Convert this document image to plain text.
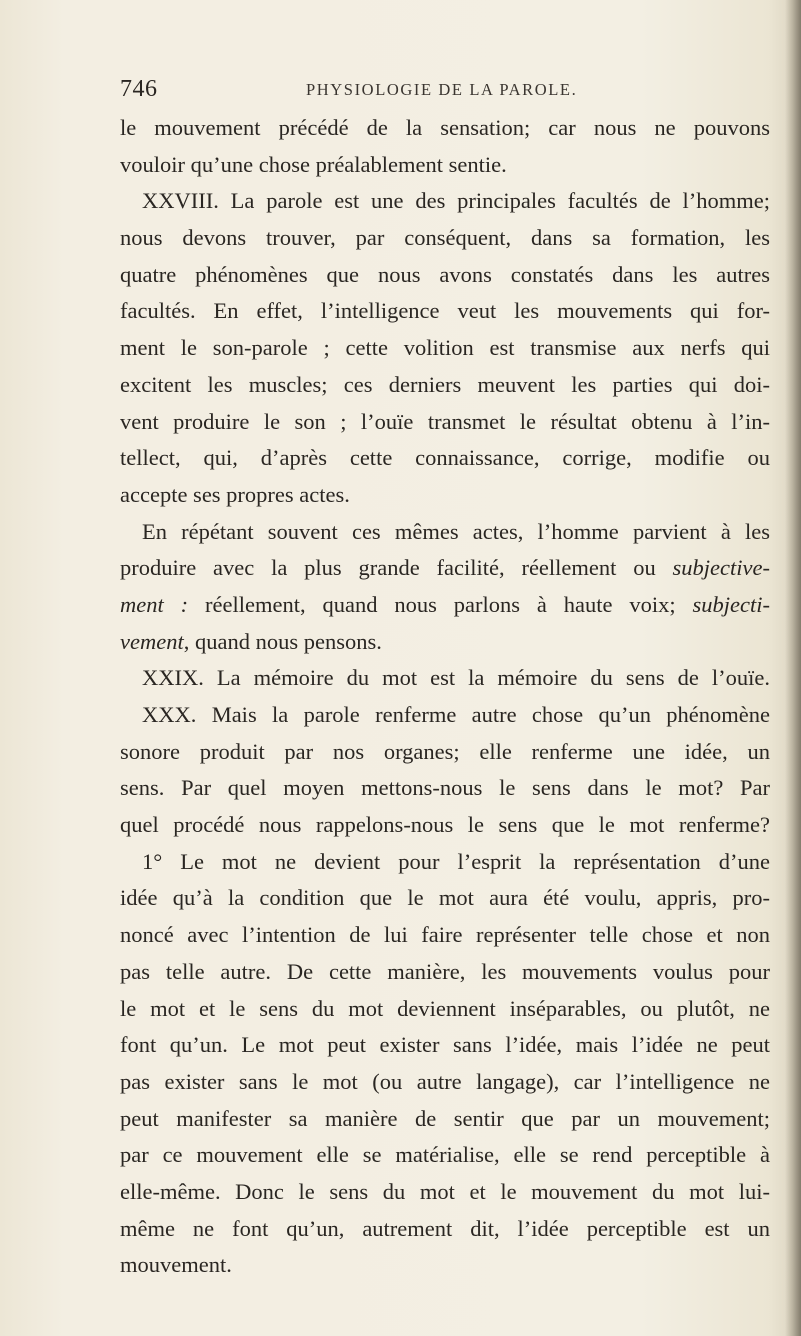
746	PHYSIOLOGIE DE LA PAROLE.
le mouvement précédé de la sensation; car nous ne pouvons
vouloir qu’une chose préalablement sentie.
XXVIII. La parole est une des principales facultés de l’homme;
nous devons trouver, par conséquent, dans sa formation, les
quatre phénomènes que nous avons constatés dans les autres
facultés. En effet, l’intelligence veut les mouvements qui for-
ment le son-parole ; cette volition est transmise aux nerfs qui
excitent les muscles; ces derniers meuvent les parties qui doi-
vent produire le son ; l’ouïe transmet le résultat obtenu à l’in-
tellect, qui, d’après cette connaissance, corrige, modifie ou
accepte ses propres actes.
En répétant souvent ces mêmes actes, l’homme parvient à les
produire avec la plus grande facilité, réellement ou subjective-
ment : réellement, quand nous parlons à haute voix; subjecti-
vement, quand nous pensons.
XXIX. La mémoire du mot est la mémoire du sens de l’ouïe.
XXX. Mais la parole renferme autre chose qu’un phénomène
sonore produit par nos organes; elle renferme une idée, un
sens. Par quel moyen mettons-nous le sens dans le mot? Par
quel procédé nous rappelons-nous le sens que le mot renferme?
1° Le mot ne devient pour l’esprit la représentation d’une
idée qu’à la condition que le mot aura été voulu, appris, pro-
noncé avec l’intention de lui faire représenter telle chose et non
pas telle autre. De cette manière, les mouvements voulus pour
le mot et le sens du mot deviennent inséparables, ou plutôt, ne
font qu’un. Le mot peut exister sans l’idée, mais l’idée ne peut
pas exister sans le mot (ou autre langage), car l’intelligence ne
peut manifester sa manière de sentir que par un mouvement;
par ce mouvement elle se matérialise, elle se rend perceptible à
elle-même. Donc le sens du mot et le mouvement du mot lui-
même ne font qu’un, autrement dit, l’idée perceptible est un
mouvement.
